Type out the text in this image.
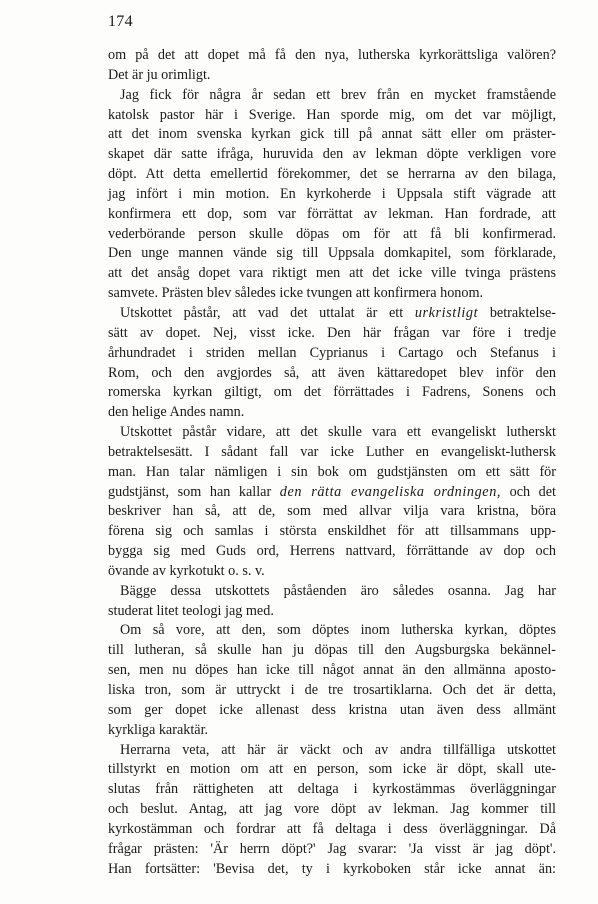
174
om på det att dopet må få den nya, lutherska kyrkorättsliga valören?
Det är ju orimligt.
Jag fick för några år sedan ett brev från en mycket framstående
katolsk pastor här i Sverige. Han sporde mig, om det var möjligt,
att det inom svenska kyrkan gick till på annat sätt eller om präster-
skapet där satte ifråga, huruvida den av lekman döpte verkligen vore
döpt. Att detta emellertid förekommer, det se herrarna av den bilaga,
jag infört i min motion. En kyrkoherde i Uppsala stift vägrade att
konfirmera ett dop, som var förrättat av lekman. Han fordrade, att
vederbörande person skulle döpas om för att få bli konfirmerad.
Den unge mannen vände sig till Uppsala domkapitel, som förklarade,
att det ansåg dopet vara riktigt men att det icke ville tvinga prästens
samvete. Prästen blev således icke tvungen att konfirmera honom.
Utskottet påstår, att vad det uttalat är ett urkristligt betraktelse-
sätt av dopet. Nej, visst icke. Den här frågan var före i tredje
århundradet i striden mellan Cyprianus i Cartago och Stefanus i
Rom, och den avgjordes så, att även kättaredopet blev inför den
romerska kyrkan giltigt, om det förrättades i Fadrens, Sonens och
den helige Andes namn.
Utskottet påstår vidare, att det skulle vara ett evangeliskt lutherskt
betraktelsesätt. I sådant fall var icke Luther en evangeliskt-luthersk
man. Han talar nämligen i sin bok om gudstjänsten om ett sätt för
gudstjänst, som han kallar den rätta evangeliska ordningen, och det
beskriver han så, att de, som med allvar vilja vara kristna, böra
förena sig och samlas i största enskildhet för att tillsammans upp-
bygga sig med Guds ord, Herrens nattvard, förrättande av dop och
övande av kyrkotukt o. s. v.
Bägge dessa utskottets påståenden äro således osanna. Jag har
studerat litet teologi jag med.
Om så vore, att den, som döptes inom lutherska kyrkan, döptes
till lutheran, så skulle han ju döpas till den Augsburgska bekännel-
sen, men nu döpes han icke till något annat än den allmänna aposto-
liska tron, som är uttryckt i de tre trosartiklarna. Och det är detta,
som ger dopet icke allenast dess kristna utan även dess allmänt
kyrkliga karaktär.
Herrarna veta, att här är väckt och av andra tillfälliga utskottet
tillstyrkt en motion om att en person, som icke är döpt, skall ute-
slutas från rättigheten att deltaga i kyrkostämmas överläggningar
och beslut. Antag, att jag vore döpt av lekman. Jag kommer till
kyrkostämman och fordrar att få deltaga i dess överläggningar. Då
frågar prästen: 'Är herrn döpt?' Jag svarar: 'Ja visst är jag döpt'.
Han fortsätter: 'Bevisa det, ty i kyrkoboken står icke annat än:
